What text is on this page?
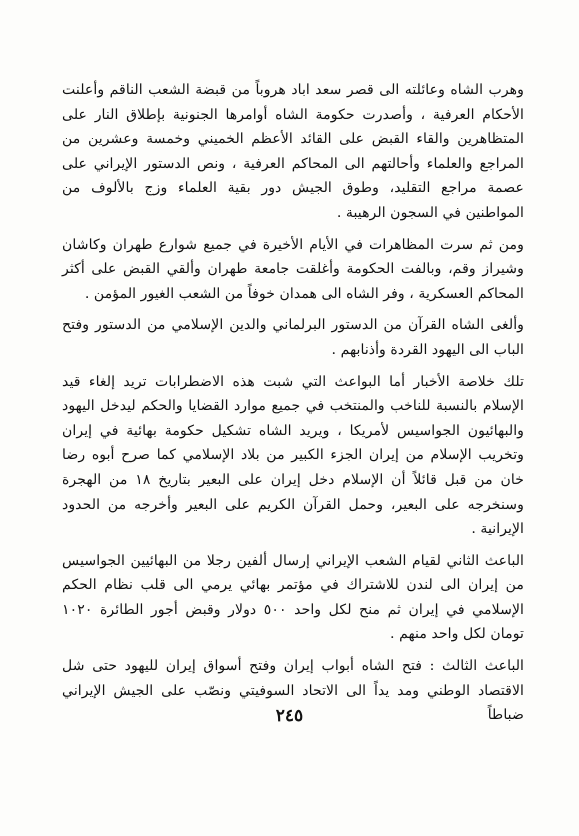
وهرب الشاه وعائلته الى قصر سعد اباد هروباً من قبضة الشعب الناقم وأعلنت الأحكام العرفية ، وأصدرت حكومة الشاه أوامرها الجنونية بإطلاق النار على المتظاهرين والقاء القبض على القائد الأعظم الخميني وخمسة وعشرين من المراجع والعلماء وأحالتهم الى المحاكم العرفية ، ونص الدستور الإيراني على عصمة مراجع التقليد، وطوق الجيش دور بقية العلماء وزج بالألوف من المواطنين في السجون الرهيبة .

ومن ثم سرت المظاهرات في الأيام الأخيرة في جميع شوارع طهران وكاشان وشيراز وقم، وبالفت الحكومة وأغلقت جامعة طهران وألقي القبض على أكثر المحاكم العسكرية ، وفر الشاه الى همدان خوفاً من الشعب الغيور المؤمن .

وألغى الشاه القرآن من الدستور البرلماني والدين الإسلامي من الدستور وفتح الباب الى اليهود القردة وأذنابهم .

تلك خلاصة الأخبار أما البواعث التي شبت هذه الاضطرابات تريد إلغاء قيد الإسلام بالنسبة للناخب والمنتخب في جميع موارد القضايا والحكم ليدخل اليهود والبهائيون الجواسيس لأمريكا ، ويريد الشاه تشكيل حكومة بهائية في إيران وتخريب الإسلام من إيران الجزء الكبير من بلاد الإسلامي كما صرح أبوه رضا خان من قبل قائلاً أن الإسلام دخل إيران على البعير بتاريخ ١٨ من الهجرة وسنخرجه على البعير، وحمل القرآن الكريم على البعير وأخرجه من الحدود الإيرانية .

الباعث الثاني لقيام الشعب الإيراني إرسال ألفين رجلا من البهائيين الجواسيس من إيران الى لندن للاشتراك في مؤتمر بهائي يرمي الى قلب نظام الحكم الإسلامي في إيران ثم منح لكل واحد ٥٠٠ دولار وقبض أجور الطائرة ١٠٢٠ تومان لكل واحد منهم .

الباعث الثالث : فتح الشاه أبواب إيران وفتح أسواق إيران لليهود حتى شل الاقتصاد الوطني ومد يداً الى الاتحاد السوفيتي ونصّب على الجيش الإيراني ضباطاً

٢٤٥
